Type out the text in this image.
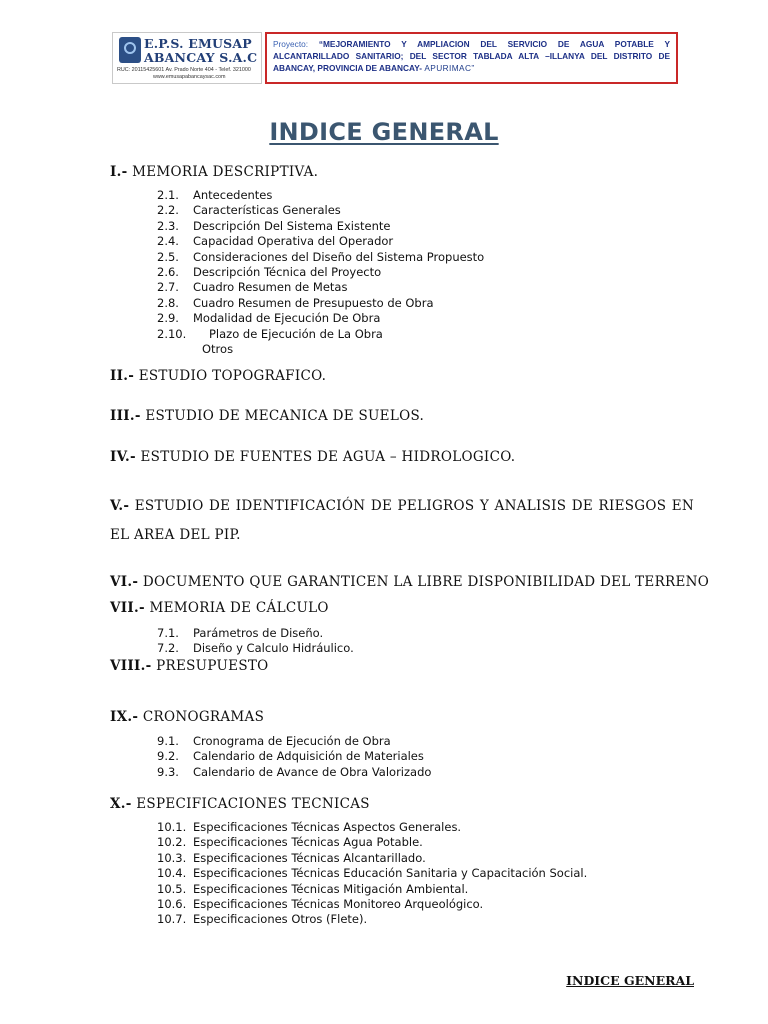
E.P.S. EMUSAP
ABANCAY S.A.C
RUC: 20115425601 Av. Prado Norte 404 - Telef. 321000
www.emusapabancaysac.com
Proyecto: “MEJORAMIENTO Y AMPLIACION DEL SERVICIO DE AGUA POTABLE Y ALCANTARILLADO SANITARIO; DEL SECTOR TABLADA ALTA –ILLANYA DEL DISTRITO DE ABANCAY, PROVINCIA DE ABANCAY- APURIMAC”
INDICE GENERAL
I.- MEMORIA DESCRIPTIVA.
2.1. Antecedentes
2.2. Características Generales
2.3. Descripción Del Sistema Existente
2.4. Capacidad Operativa del Operador
2.5. Consideraciones del Diseño del Sistema Propuesto
2.6. Descripción Técnica del Proyecto
2.7. Cuadro Resumen de Metas
2.8. Cuadro Resumen de Presupuesto de Obra
2.9. Modalidad de Ejecución De Obra
2.10. Plazo de Ejecución de La Obra
Otros
II.- ESTUDIO TOPOGRAFICO.
III.- ESTUDIO DE MECANICA DE SUELOS.
IV.- ESTUDIO DE FUENTES DE AGUA – HIDROLOGICO.
V.- ESTUDIO DE IDENTIFICACIÓN DE PELIGROS Y ANALISIS DE RIESGOS EN EL AREA DEL PIP.
VI.- DOCUMENTO QUE GARANTICEN LA LIBRE DISPONIBILIDAD DEL TERRENO
VII.- MEMORIA DE CÁLCULO
7.1. Parámetros de Diseño.
7.2. Diseño y Calculo Hidráulico.
VIII.- PRESUPUESTO
IX.- CRONOGRAMAS
9.1. Cronograma de Ejecución de Obra
9.2. Calendario de Adquisición de Materiales
9.3. Calendario de Avance de Obra Valorizado
X.- ESPECIFICACIONES TECNICAS
10.1. Especificaciones Técnicas Aspectos Generales.
10.2. Especificaciones Técnicas Agua Potable.
10.3. Especificaciones Técnicas Alcantarillado.
10.4. Especificaciones Técnicas Educación Sanitaria y Capacitación Social.
10.5. Especificaciones Técnicas Mitigación Ambiental.
10.6. Especificaciones Técnicas Monitoreo Arqueológico.
10.7. Especificaciones Otros (Flete).
INDICE GENERAL
